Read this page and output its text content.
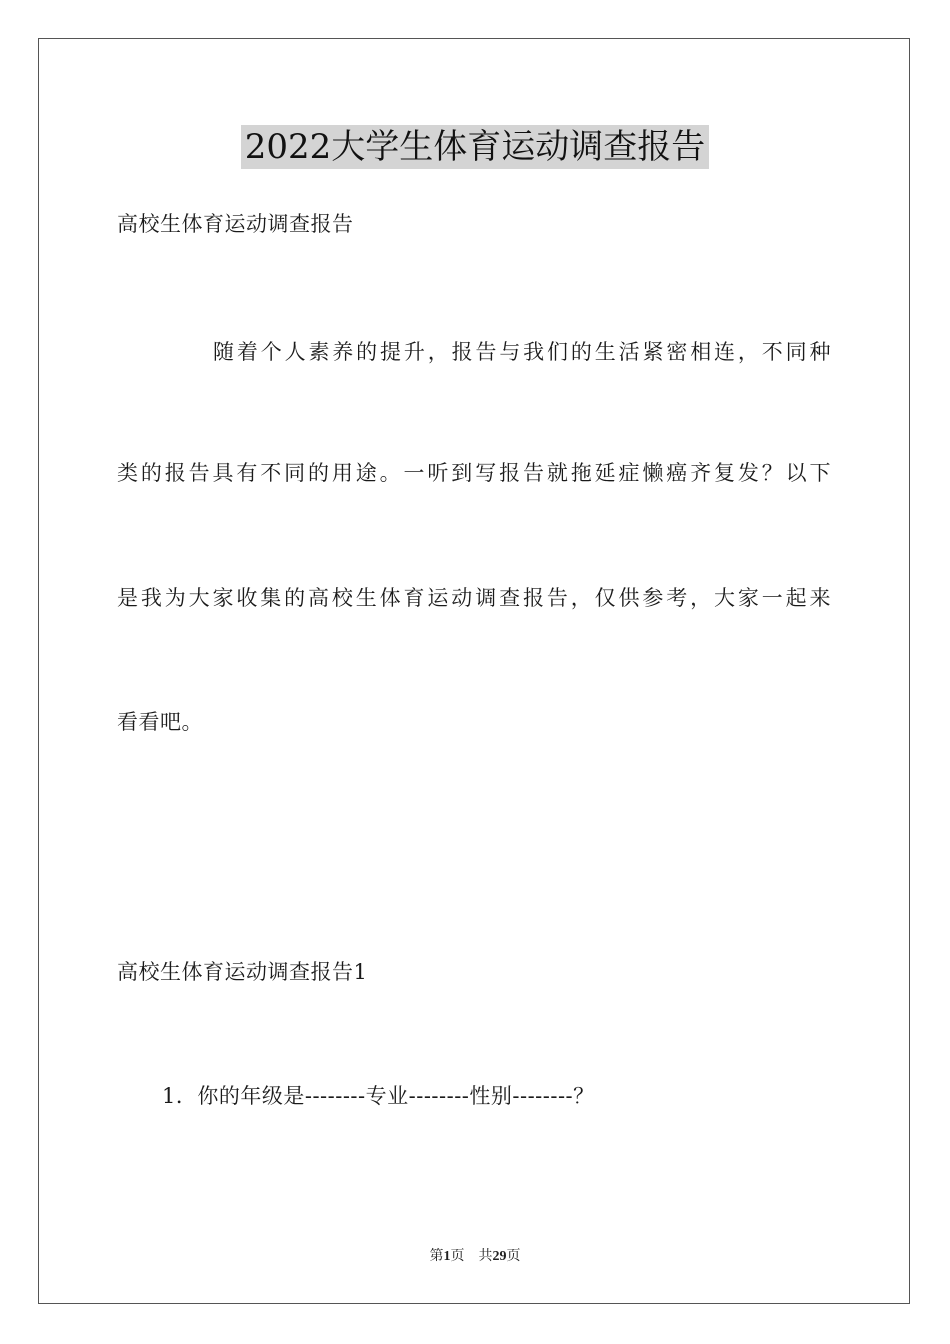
2022大学生体育运动调查报告
高校生体育运动调查报告
随着个人素养的提升，报告与我们的生活紧密相连，不同种
类的报告具有不同的用途。一听到写报告就拖延症懒癌齐复发？以下
是我为大家收集的高校生体育运动调查报告，仅供参考，大家一起来
看看吧。
高校生体育运动调查报告1
1．你的年级是--------专业--------性别--------？
第1页 共29页
